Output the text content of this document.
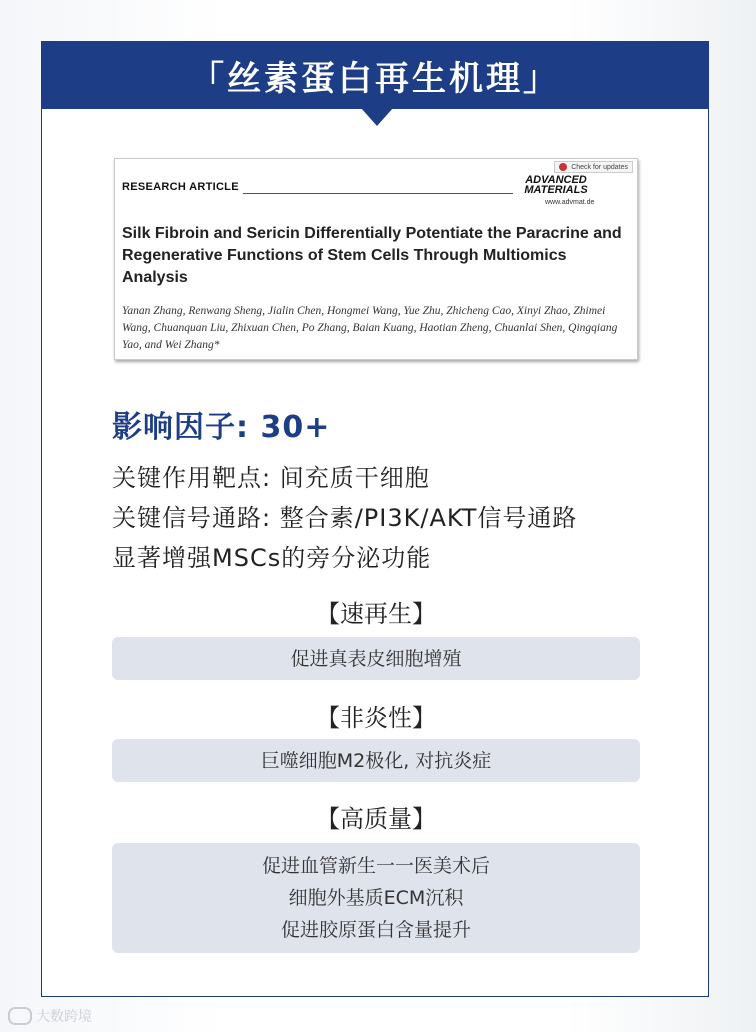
「丝素蛋白再生机理」
Check for updates
RESEARCH ARTICLE
ADVANCED MATERIALS
www.advmat.de
Silk Fibroin and Sericin Differentially Potentiate the Paracrine and Regenerative Functions of Stem Cells Through Multiomics Analysis
Yanan Zhang, Renwang Sheng, Jialin Chen, Hongmei Wang, Yue Zhu, Zhicheng Cao, Xinyi Zhao, Zhimei Wang, Chuanquan Liu, Zhixuan Chen, Po Zhang, Baian Kuang, Haotian Zheng, Chuanlai Shen, Qingqiang Yao, and Wei Zhang*
影响因子: 30+
关键作用靶点: 间充质干细胞
关键信号通路: 整合素/PI3K/AKT信号通路
显著增强MSCs的旁分泌功能
【速再生】
促进真表皮细胞增殖
【非炎性】
巨噬细胞M2极化, 对抗炎症
【高质量】
促进血管新生一一医美术后
细胞外基质ECM沉积
促进胶原蛋白含量提升
大数跨境
